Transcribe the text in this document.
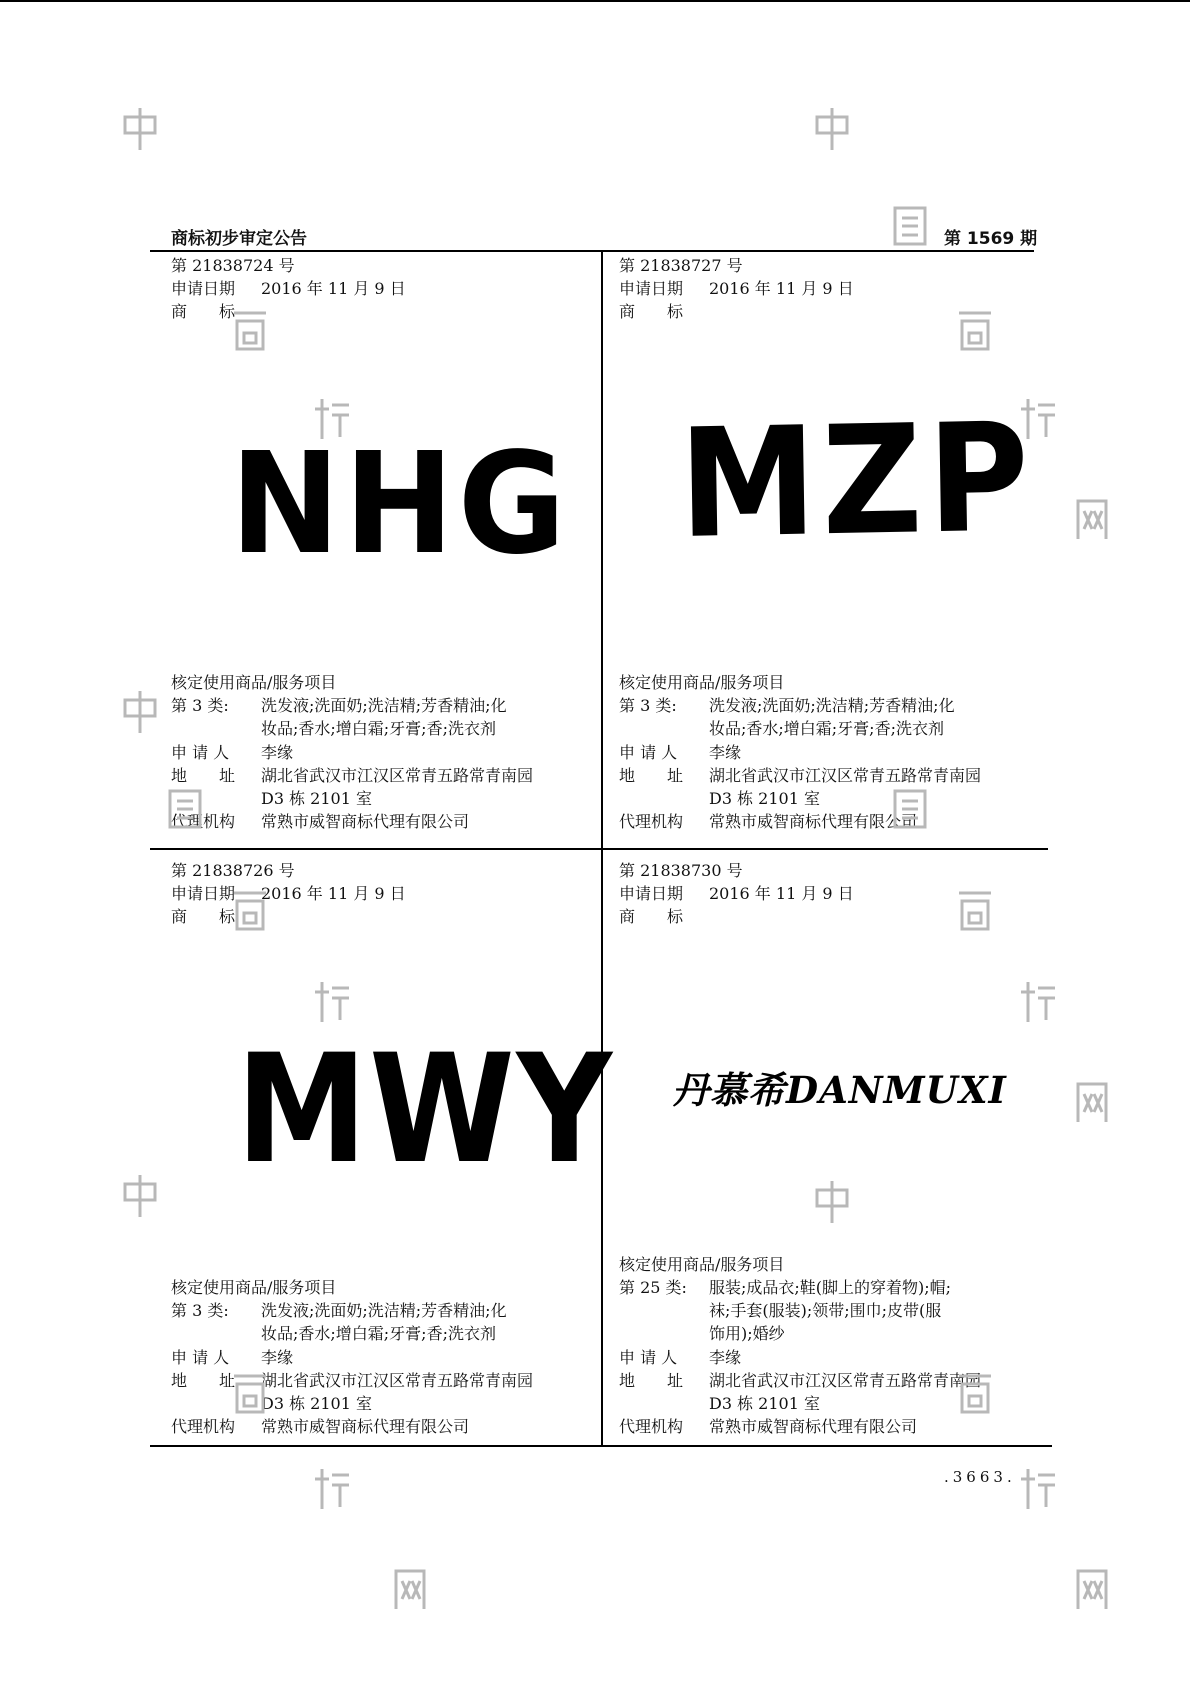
商标初步审定公告	第 1569 期
第 21838724 号
申请日期 2016 年 11 月 9 日
商　　标
核定使用商品/服务项目
第 3 类: 洗发液;洗面奶;洗洁精;芳香精油;化
妆品;香水;增白霜;牙膏;香;洗衣剂
申 请 人 李缘
地　　址 湖北省武汉市江汉区常青五路常青南园
D3 栋 2101 室
代理机构 常熟市威智商标代理有限公司
NHG
第 21838727 号
申请日期 2016 年 11 月 9 日
商　　标
核定使用商品/服务项目
第 3 类: 洗发液;洗面奶;洗洁精;芳香精油;化
妆品;香水;增白霜;牙膏;香;洗衣剂
申 请 人 李缘
地　　址 湖北省武汉市江汉区常青五路常青南园
D3 栋 2101 室
代理机构 常熟市威智商标代理有限公司
MZP
第 21838726 号
申请日期 2016 年 11 月 9 日
商　　标
核定使用商品/服务项目
第 3 类: 洗发液;洗面奶;洗洁精;芳香精油;化
妆品;香水;增白霜;牙膏;香;洗衣剂
申 请 人 李缘
地　　址 湖北省武汉市江汉区常青五路常青南园
D3 栋 2101 室
代理机构 常熟市威智商标代理有限公司
MWY
第 21838730 号
申请日期 2016 年 11 月 9 日
商　　标
核定使用商品/服务项目
第 25 类: 服装;成品衣;鞋(脚上的穿着物);帽;
袜;手套(服装);领带;围巾;皮带(服
饰用);婚纱
申 请 人 李缘
地　　址 湖北省武汉市江汉区常青五路常青南园
D3 栋 2101 室
代理机构 常熟市威智商标代理有限公司
丹慕希DANMUXI
.3663.
